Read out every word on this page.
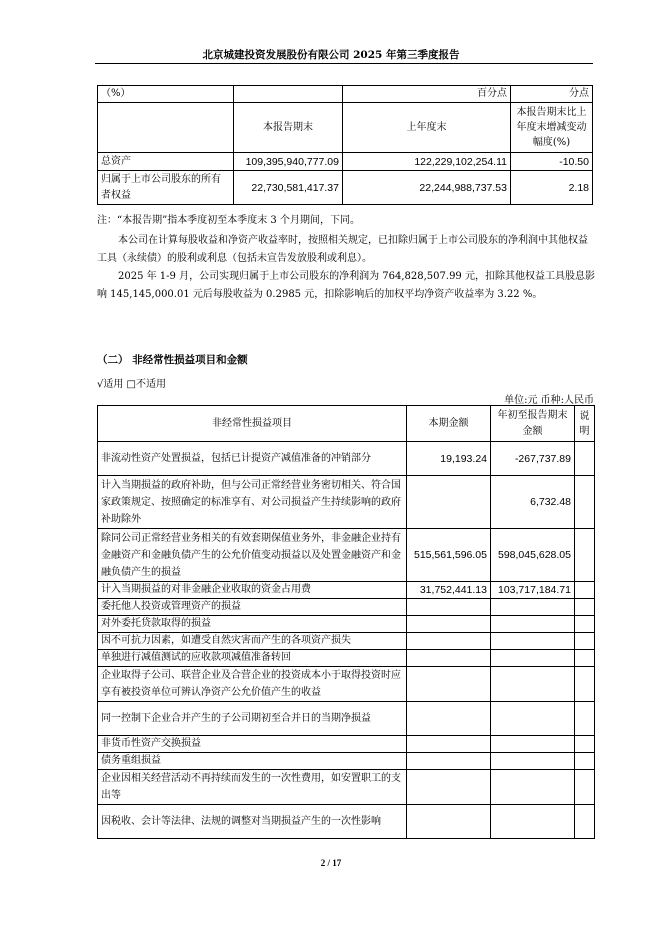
北京城建投资发展股份有限公司 2025 年第三季度报告
（%）		百分点	分点
	本报告期末	上年度末	本报告期末比上年度末增减变动幅度(%)
总资产	109,395,940,777.09	122,229,102,254.11	-10.50
归属于上市公司股东的所有者权益	22,730,581,417.37	22,244,988,737.53	2.18
注：“本报告期”指本季度初至本季度末 3 个月期间，下同。
本公司在计算每股收益和净资产收益率时，按照相关规定，已扣除归属于上市公司股东的净利润中其他权益工具（永续债）的股利或利息（包括未宣告发放股利或利息）。
2025 年 1-9 月，公司实现归属于上市公司股东的净利润为 764,828,507.99 元，扣除其他权益工具股息影响 145,145,000.01 元后每股收益为 0.2985 元，扣除影响后的加权平均净资产收益率为 3.22 %。
（二） 非经常性损益项目和金额
√适用 □不适用
单位:元 币种:人民币
非经常性损益项目	本期金额	年初至报告期末金额	说明
非流动性资产处置损益，包括已计提资产减值准备的冲销部分	19,193.24	-267,737.89	
计入当期损益的政府补助，但与公司正常经营业务密切相关、符合国家政策规定、按照确定的标准享有、对公司损益产生持续影响的政府补助除外		6,732.48	
除同公司正常经营业务相关的有效套期保值业务外，非金融企业持有金融资产和金融负债产生的公允价值变动损益以及处置金融资产和金融负债产生的损益	515,561,596.05	598,045,628.05	
计入当期损益的对非金融企业收取的资金占用费	31,752,441.13	103,717,184.71	
委托他人投资或管理资产的损益			
对外委托贷款取得的损益			
因不可抗力因素，如遭受自然灾害而产生的各项资产损失			
单独进行减值测试的应收款项减值准备转回			
企业取得子公司、联营企业及合营企业的投资成本小于取得投资时应享有被投资单位可辨认净资产公允价值产生的收益			
同一控制下企业合并产生的子公司期初至合并日的当期净损益			
非货币性资产交换损益			
债务重组损益			
企业因相关经营活动不再持续而发生的一次性费用，如安置职工的支出等			
因税收、会计等法律、法规的调整对当期损益产生的一次性影响			
2 / 17
